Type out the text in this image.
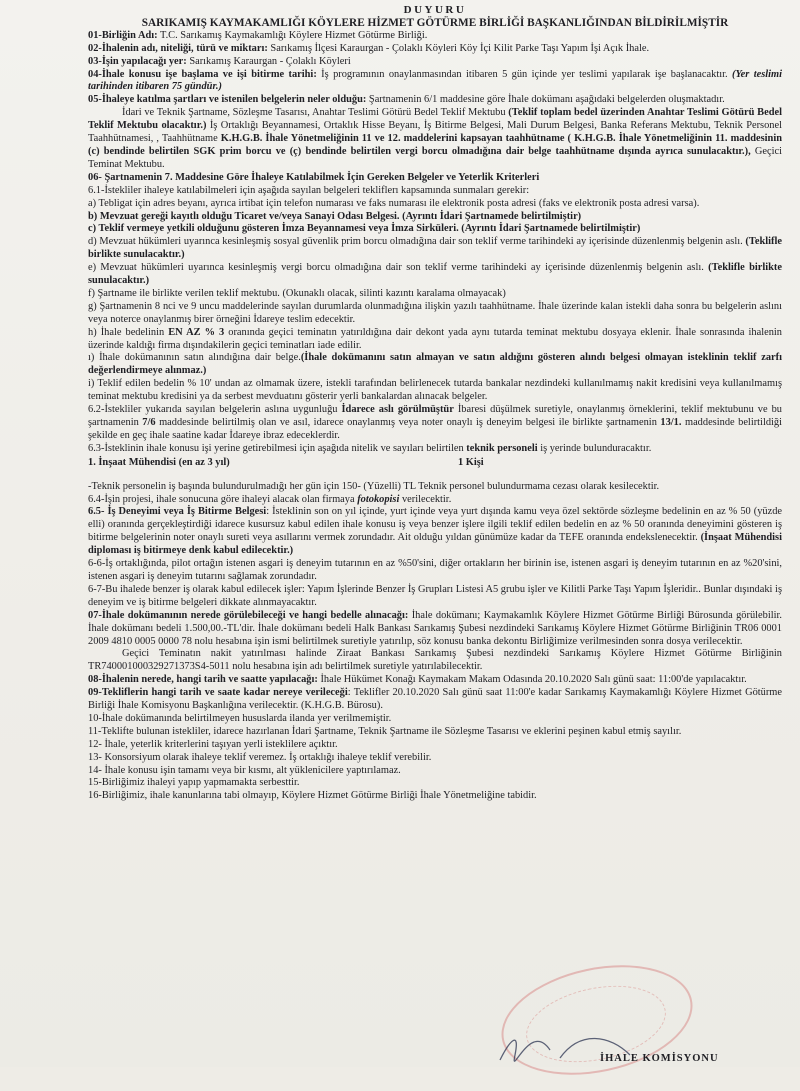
DUYURU

SARIKAMIŞ KAYMAKAMLIĞI KÖYLERE HİZMET GÖTÜRME BİRLİĞİ BAŞKANLIĞINDAN BİLDİRİLMİŞTİR

01-Birliğin Adı: T.C. Sarıkamış Kaymakamlığı Köylere Hizmet Götürme Birliği.

02-İhalenin adı, niteliği, türü ve miktarı: Sarıkamış İlçesi Karaurgan - Çolaklı Köyleri Köy İçi Kilit Parke Taşı Yapım İşi Açık İhale.

03-İşin yapılacağı yer: Sarıkamış Karaurgan - Çolaklı Köyleri

04-İhale konusu işe başlama ve işi bitirme tarihi: İş programının onaylanmasından itibaren 5 gün içinde yer teslimi yapılarak işe başlanacaktır. (Yer teslimi tarihinden itibaren 75 gündür.)

05-İhaleye katılma şartları ve istenilen belgelerin neler olduğu: Şartnamenin 6/1 maddesine göre İhale dokümanı aşağıdaki belgelerden oluşmaktadır.

İdari ve Teknik Şartname, Sözleşme Tasarısı, Anahtar Teslimi Götürü Bedel Teklif Mektubu (Teklif toplam bedel üzerinden Anahtar Teslimi Götürü Bedel Teklif Mektubu olacaktır.) İş Ortaklığı Beyannamesi, Ortaklık Hisse Beyanı, İş Bitirme Belgesi, Mali Durum Belgesi, Banka Referans Mektubu, Teknik Personel Taahhütnamesi, , Taahhütname K.H.G.B. İhale Yönetmeliğinin 11 ve 12. maddelerini kapsayan taahhütname ( K.H.G.B. İhale Yönetmeliğinin 11. maddesinin (c) bendinde belirtilen SGK prim borcu ve (ç) bendinde belirtilen vergi borcu olmadığına dair belge taahhütname dışında ayrıca sunulacaktır.), Geçici Teminat Mektubu.

06- Şartnamenin 7. Maddesine Göre İhaleye Katılabilmek İçin Gereken Belgeler ve Yeterlik Kriterleri

6.1-İstekliler ihaleye katılabilmeleri için aşağıda sayılan belgeleri tekliflerı kapsamında sunmaları gerekir:

a) Tebligat için adres beyanı, ayrıca irtibat için telefon numarası ve faks numarası ile elektronik posta adresi (faks ve elektronik posta adresi varsa).

b) Mevzuat gereği kayıtlı olduğu Ticaret ve/veya Sanayi Odası Belgesi. (Ayrıntı İdari Şartnamede belirtilmiştir)

c) Teklif vermeye yetkili olduğunu gösteren İmza Beyannamesi veya İmza Sirküleri. (Ayrıntı İdari Şartnamede belirtilmiştir)

d) Mevzuat hükümleri uyarınca kesinleşmiş sosyal güvenlik prim borcu olmadığına dair son teklif verme tarihindeki ay içerisinde düzenlenmiş belgenin aslı. (Teklifle birlikte sunulacaktır.)

e) Mevzuat hükümleri uyarınca kesinleşmiş vergi borcu olmadığına dair son teklif verme tarihindeki ay içerisinde düzenlenmiş belgenin aslı. (Teklifle birlikte sunulacaktır.)

f) Şartname ile birlikte verilen teklif mektubu. (Okunaklı olacak, silinti kazıntı karalama olmayacak)

g) Şartnamenin 8 nci ve 9 uncu maddelerinde sayılan durumlarda olunmadığına ilişkin yazılı taahhütname. İhale üzerinde kalan istekli daha sonra bu belgelerin aslını veya noterce onaylanmış birer örneğini İdareye teslim edecektir.

h) İhale bedelinin EN AZ % 3 oranında geçici teminatın yatırıldığına dair dekont yada aynı tutarda teminat mektubu dosyaya eklenir. İhale sonrasında ihalenin üzerinde kaldığı firma dışındakilerin geçici teminatları iade edilir.

ı) İhale dokümanının satın alındığına dair belge.(İhale dokümanını satın almayan ve satın aldığını gösteren alındı belgesi olmayan isteklinin teklif zarfı değerlendirmeye alınmaz.)

i) Teklif edilen bedelin % 10' undan az olmamak üzere, istekli tarafından belirlenecek tutarda bankalar nezdindeki kullanılmamış nakit kredisini veya kullanılmamış teminat mektubu kredisini ya da serbest mevduatını gösterir yerli bankalardan alınacak belgeler.

6.2-İstekliler yukarıda sayılan belgelerin aslına uygunluğu İdarece aslı görülmüştür İbaresi düşülmek suretiyle, onaylanmış örneklerini, teklif mektubunu ve bu şartnamenin 7/6 maddesinde belirtilmiş olan ve asıl, idarece onaylanmış veya noter onaylı iş deneyim belgesi ile birlikte şartnamenin 13/1. maddesinde belirtildiği şekilde en geç ihale saatine kadar İdareye ibraz edeceklerdir.

6.3-İsteklinin ihale konusu işi yerine getirebilmesi için aşağıda nitelik ve sayıları belirtilen teknik personeli iş yerinde bulunduracaktır.

1. İnşaat Mühendisi (en az 3 yıl)	1 Kişi

-Teknik personelin iş başında bulundurulmadığı her gün için 150- (Yüzelli) TL Teknik personel bulundurmama cezası olarak kesilecektir.

6.4-İşin projesi, ihale sonucuna göre ihaleyi alacak olan firmaya fotokopisi verilecektir.

6.5- İş Deneyimi veya İş Bitirme Belgesi: İsteklinin son on yıl içinde, yurt içinde veya yurt dışında kamu veya özel sektörde sözleşme bedelinin en az % 50 (yüzde elli) oranında gerçekleştirdiği idarece kusursuz kabul edilen ihale konusu iş veya benzer işlere ilgili teklif edilen bedelin en az % 50 oranında deneyimini gösteren iş bitirme belgelerinin noter onaylı sureti veya asıllarını vermek zorundadır. Ait olduğu yıldan günümüze kadar da TEFE oranında endekslenecektir. (İnşaat Mühendisi diploması iş bitirmeye denk kabul edilecektir.)

6-6-İş ortaklığında, pilot ortağın istenen asgari iş deneyim tutarının en az %50'sini, diğer ortakların her birinin ise, istenen asgari iş deneyim tutarının en az %20'sini, istenen asgari iş deneyim tutarını sağlamak zorundadır.

6-7-Bu ihalede benzer iş olarak kabul edilecek işler: Yapım İşlerinde Benzer İş Grupları Listesi A5 grubu işler ve Kilitli Parke Taşı Yapım İşleridir.. Bunlar dışındaki iş deneyim ve iş bitirme belgeleri dikkate alınmayacaktır.

07-İhale dokümanının nerede görülebileceği ve hangi bedelle alınacağı: İhale dokümanı; Kaymakamlık Köylere Hizmet Götürme Birliği Bürosunda görülebilir. İhale dokümanı bedeli 1.500,00.-TL'dir. İhale dokümanı bedeli Halk Bankası Sarıkamış Şubesi nezdindeki Sarıkamış Köylere Hizmet Götürme Birliğinin TR06 0001 2009 4810 0005 0000 78 nolu hesabına işin ismi belirtilmek suretiyle yatırılıp, söz konusu banka dekontu Birliğimize verilmesinden sonra dosya verilecektir.

Geçici Teminatın nakit yatırılması halinde Ziraat Bankası Sarıkamış Şubesi nezdindeki Sarıkamış Köylere Hizmet Götürme Birliğinin TR740001000329271373S4-5011 nolu hesabına işin adı belirtilmek suretiyle yatırılabilecektir.

08-İhalenin nerede, hangi tarih ve saatte yapılacağı: İhale Hükümet Konağı Kaymakam Makam Odasında 20.10.2020 Salı günü saat: 11:00'de yapılacaktır.

09-Tekliflerin hangi tarih ve saate kadar nereye verileceği: Teklifler 20.10.2020 Salı günü saat 11:00'e kadar Sarıkamış Kaymakamlığı Köylere Hizmet Götürme Birliği İhale Komisyonu Başkanlığına verilecektir. (K.H.G.B. Bürosu).

10-İhale dokümanında belirtilmeyen hususlarda ilanda yer verilmemiştir.

11-Teklifte bulunan istekliler, idarece hazırlanan İdari Şartname, Teknik Şartname ile Sözleşme Tasarısı ve eklerini peşinen kabul etmiş sayılır.

12- İhale, yeterlik kriterlerini taşıyan yerli isteklilere açıktır.

13- Konsorsiyum olarak ihaleye teklif veremez. İş ortaklığı ihaleye teklif verebilir.

14- İhale konusu işin tamamı veya bir kısmı, alt yüklenicilere yaptırılamaz.

15-Birliğimiz ihaleyi yapıp yapmamakta serbesttir.

16-Birliğimiz, ihale kanunlarına tabi olmayıp, Köylere Hizmet Götürme Birliği İhale Yönetmeliğine tabidir.

İHALE KOMİSYONU
